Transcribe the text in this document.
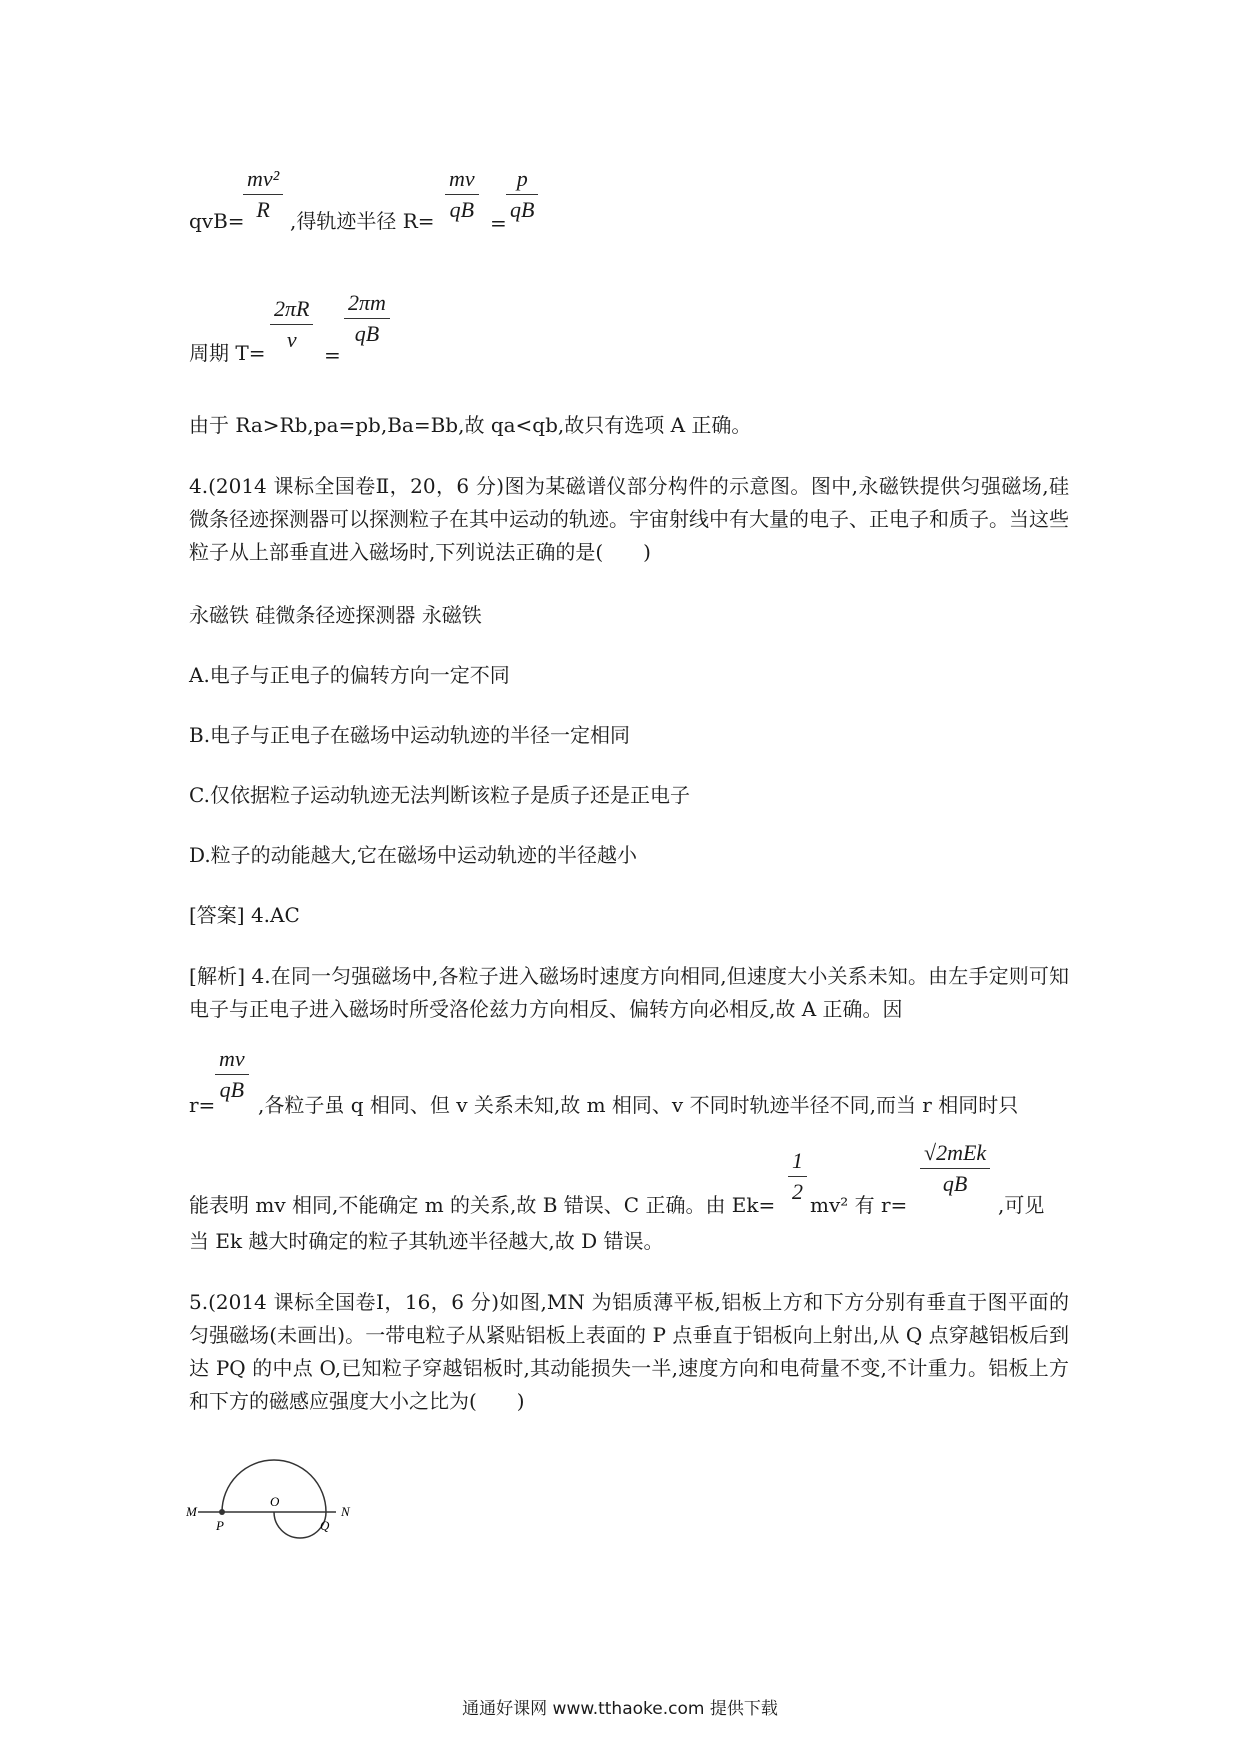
qvB=
mv²
R	,得轨迹半径 R=
mv
qB
=
p
qB
周期 T=
2πR
v
=
2πm
qB
由于 Ra>Rb,pa=pb,Ba=Bb,故 qa<qb,故只有选项 A 正确。
4.(2014 课标全国卷Ⅱ，20，6 分)图为某磁谱仪部分构件的示意图。图中,永磁铁提供匀强磁场,硅微条径迹探测器可以探测粒子在其中运动的轨迹。宇宙射线中有大量的电子、正电子和质子。当这些粒子从上部垂直进入磁场时,下列说法正确的是(　　)
永磁铁 硅微条径迹探测器 永磁铁
A.电子与正电子的偏转方向一定不同
B.电子与正电子在磁场中运动轨迹的半径一定相同
C.仅依据粒子运动轨迹无法判断该粒子是质子还是正电子
D.粒子的动能越大,它在磁场中运动轨迹的半径越小
[答案] 4.AC
[解析] 4.在同一匀强磁场中,各粒子进入磁场时速度方向相同,但速度大小关系未知。由左手定则可知电子与正电子进入磁场时所受洛伦兹力方向相反、偏转方向必相反,故 A 正确。因
r=
mv
qB
,各粒子虽 q 相同、但 v 关系未知,故 m 相同、v 不同时轨迹半径不同,而当 r 相同时只
能表明 mv 相同,不能确定 m 的关系,故 B 错误、C 正确。由 Ek=
1
2
mv² 有 r=
√2mEk
qB
,可见
当 Ek 越大时确定的粒子其轨迹半径越大,故 D 错误。
5.(2014 课标全国卷Ⅰ，16，6 分)如图,MN 为铝质薄平板,铝板上方和下方分别有垂直于图平面的匀强磁场(未画出)。一带电粒子从紧贴铝板上表面的 P 点垂直于铝板向上射出,从 Q 点穿越铝板后到达 PQ 的中点 O,已知粒子穿越铝板时,其动能损失一半,速度方向和电荷量不变,不计重力。铝板上方和下方的磁感应强度大小之比为(　　)
M
P
O
Q
N
通通好课网 www.tthaoke.com 提供下载
